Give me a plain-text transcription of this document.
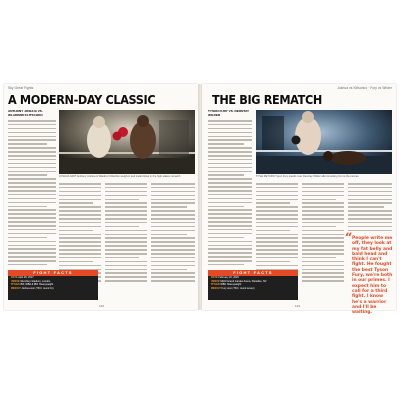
Sky Great Fights
A MODERN-DAY CLASSIC
ANTHONY JOSHUA VS. WLADIMIR KLITSCHKO
JOSHUA GRIT Anthony Joshua & Wladimir Klitschko weigh-in and trade blows in the high-stakes rematch
FIGHT FACTS
DATE April 29, 2017
VENUE Wembley Stadium, London
TITLES IBF, WBA & IBO Heavyweight
RESULT Joshua won (TKO, round 11)
122
Joshua vs Klitschko · Fury vs Wilder
THE BIG REMATCH
TYSON FURY VS. DEONTAY WILDER
TITLE RETURN Tyson Fury stands over Deontay Wilder after knocking him to the canvas
“ People write me off, they look at my fat belly and bald head and think I can't fight. He fought the best Tyson Fury, we're both in our primes. I expect him to call for a third fight. I know he's a warrior and I'll be waiting.
FIGHT FACTS
DATE February 22, 2020
VENUE MGM Grand Garden Arena, Paradise, NV
TITLES WBC Heavyweight
RESULT Fury won (TKO, round seven)
123
